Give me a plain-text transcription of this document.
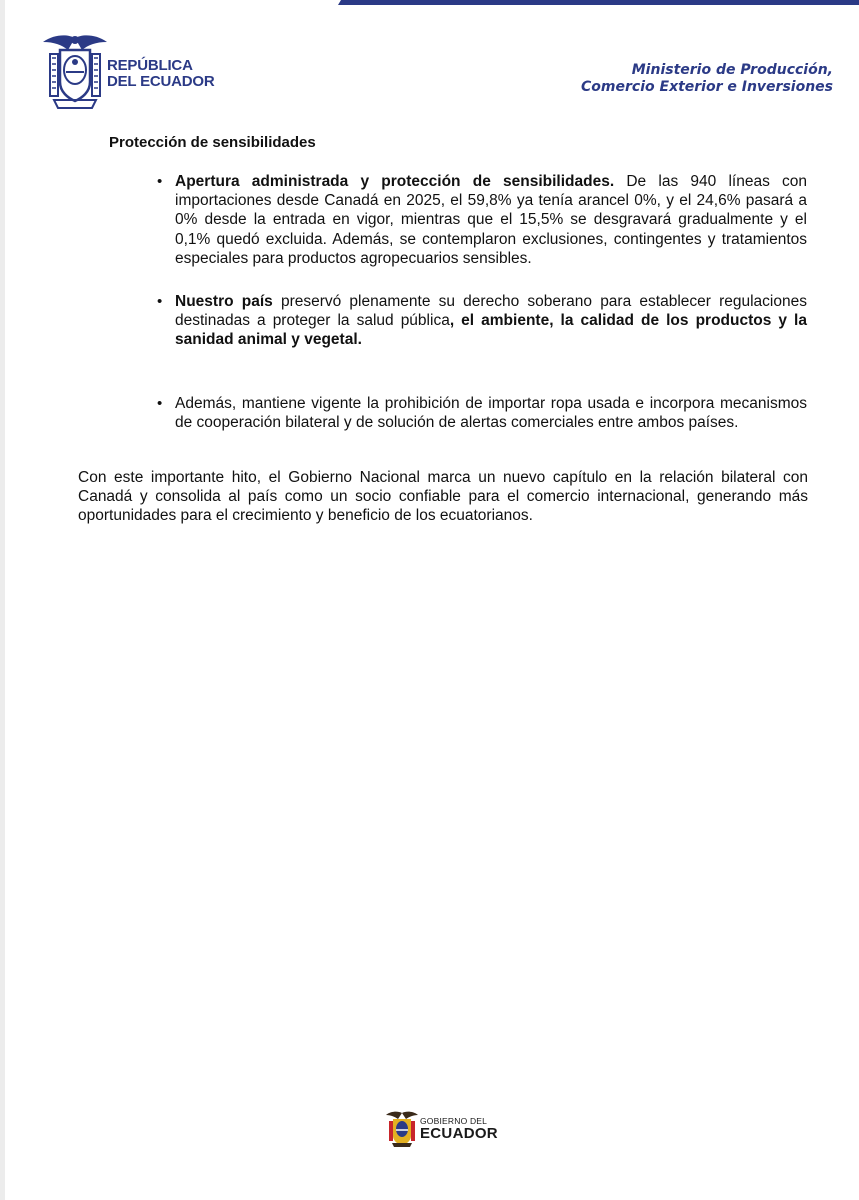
REPÚBLICA
DEL ECUADOR
Ministerio de Producción,
Comercio Exterior e Inversiones
Protección de sensibilidades
• Apertura administrada y protección de sensibilidades. De las 940 líneas con importaciones desde Canadá en 2025, el 59,8% ya tenía arancel 0%, y el 24,6% pasará a 0% desde la entrada en vigor, mientras que el 15,5% se desgravará gradualmente y el 0,1% quedó excluida. Además, se contemplaron exclusiones, contingentes y tratamientos especiales para productos agropecuarios sensibles.
• Nuestro país preservó plenamente su derecho soberano para establecer regulaciones destinadas a proteger la salud pública, el ambiente, la calidad de los productos y la sanidad animal y vegetal.
• Además, mantiene vigente la prohibición de importar ropa usada e incorpora mecanismos de cooperación bilateral y de solución de alertas comerciales entre ambos países.
Con este importante hito, el Gobierno Nacional marca un nuevo capítulo en la relación bilateral con Canadá y consolida al país como un socio confiable para el comercio internacional, generando más oportunidades para el crecimiento y beneficio de los ecuatorianos.
GOBIERNO DEL
ECUADOR
